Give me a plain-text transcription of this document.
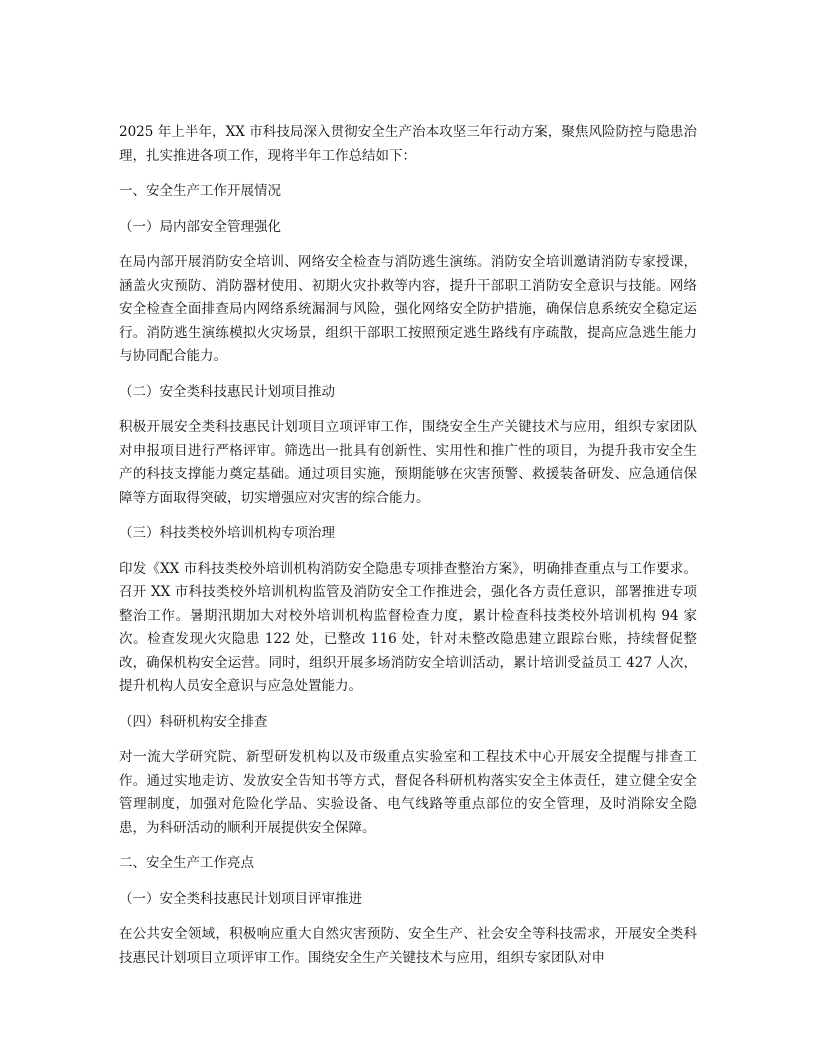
2025 年上半年，XX 市科技局深入贯彻安全生产治本攻坚三年行动方案，聚焦风险防控与隐患治理，扎实推进各项工作，现将半年工作总结如下：

一、安全生产工作开展情况

（一）局内部安全管理强化

在局内部开展消防安全培训、网络安全检查与消防逃生演练。消防安全培训邀请消防专家授课，涵盖火灾预防、消防器材使用、初期火灾扑救等内容，提升干部职工消防安全意识与技能。网络安全检查全面排查局内网络系统漏洞与风险，强化网络安全防护措施，确保信息系统安全稳定运行。消防逃生演练模拟火灾场景，组织干部职工按照预定逃生路线有序疏散，提高应急逃生能力与协同配合能力。

（二）安全类科技惠民计划项目推动

积极开展安全类科技惠民计划项目立项评审工作，围绕安全生产关键技术与应用，组织专家团队对申报项目进行严格评审。筛选出一批具有创新性、实用性和推广性的项目，为提升我市安全生产的科技支撑能力奠定基础。通过项目实施，预期能够在灾害预警、救援装备研发、应急通信保障等方面取得突破，切实增强应对灾害的综合能力。

（三）科技类校外培训机构专项治理

印发《XX 市科技类校外培训机构消防安全隐患专项排查整治方案》，明确排查重点与工作要求。召开 XX 市科技类校外培训机构监管及消防安全工作推进会，强化各方责任意识，部署推进专项整治工作。暑期汛期加大对校外培训机构监督检查力度，累计检查科技类校外培训机构 94 家次。检查发现火灾隐患 122 处，已整改 116 处，针对未整改隐患建立跟踪台账，持续督促整改，确保机构安全运营。同时，组织开展多场消防安全培训活动，累计培训受益员工 427 人次，提升机构人员安全意识与应急处置能力。

（四）科研机构安全排查

对一流大学研究院、新型研发机构以及市级重点实验室和工程技术中心开展安全提醒与排查工作。通过实地走访、发放安全告知书等方式，督促各科研机构落实安全主体责任，建立健全安全管理制度，加强对危险化学品、实验设备、电气线路等重点部位的安全管理，及时消除安全隐患，为科研活动的顺利开展提供安全保障。

二、安全生产工作亮点

（一）安全类科技惠民计划项目评审推进

在公共安全领域，积极响应重大自然灾害预防、安全生产、社会安全等科技需求，开展安全类科技惠民计划项目立项评审工作。围绕安全生产关键技术与应用，组织专家团队对申
